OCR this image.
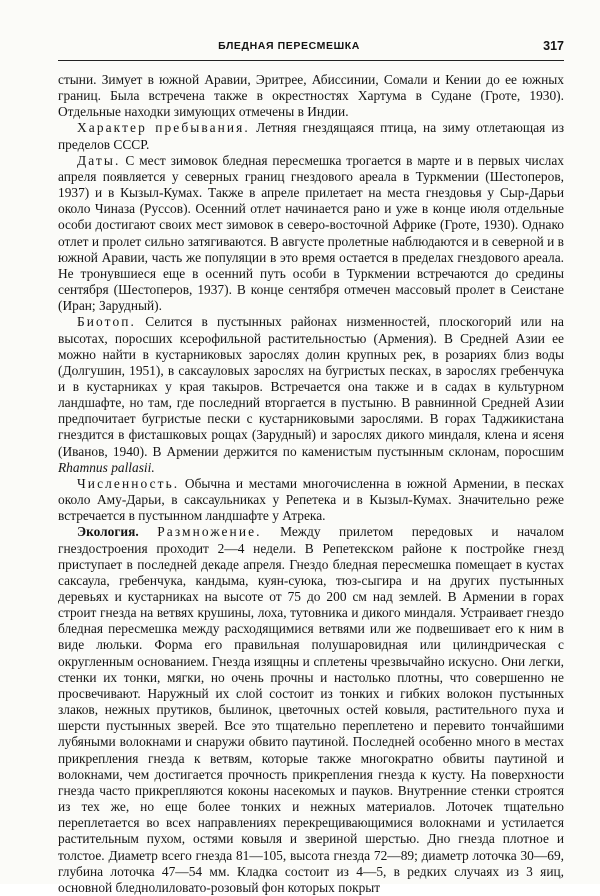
БЛЕДНАЯ ПЕРЕСМЕШКА	317

стыни. Зимует в южной Аравии, Эритрее, Абиссинии, Сомали и Кении до ее южных границ. Была встречена также в окрестностях Хартума в Судане (Гроте, 1930). Отдельные находки зимующих отмечены в Индии.

Характер пребывания. Летняя гнездящаяся птица, на зиму отлетающая из пределов СССР.

Даты. С мест зимовок бледная пересмешка трогается в марте и в первых числах апреля появляется у северных границ гнездового ареала в Туркмении (Шестоперов, 1937) и в Кызыл-Кумах. Также в апреле прилетает на места гнездовья у Сыр-Дарьи около Чиназа (Руссов). Осенний отлет начинается рано и уже в конце июля отдельные особи достигают своих мест зимовок в северо-восточной Африке (Гроте, 1930). Однако отлет и пролет сильно затягиваются. В августе пролетные наблюдаются и в северной и в южной Аравии, часть же популяции в это время остается в пределах гнездового ареала. Не тронувшиеся еще в осенний путь особи в Туркмении встречаются до средины сентября (Шестоперов, 1937). В конце сентября отмечен массовый пролет в Сеистане (Иран; Зарудный).

Биотоп. Селится в пустынных районах низменностей, плоскогорий или на высотах, поросших ксерофильной растительностью (Армения). В Средней Азии ее можно найти в кустарниковых зарослях долин крупных рек, в розариях близ воды (Долгушин, 1951), в саксауловых зарослях на бугристых песках, в зарослях гребенчука и в кустарниках у края такыров. Встречается она также и в садах в культурном ландшафте, но там, где последний вторгается в пустыню. В равнинной Средней Азии предпочитает бугристые пески с кустарниковыми зарослями. В горах Таджикистана гнездится в фисташковых рощах (Зарудный) и зарослях дикого миндаля, клена и ясеня (Иванов, 1940). В Армении держится по каменистым пустынным склонам, поросшим Rhamnus pallasii.

Численность. Обычна и местами многочисленна в южной Армении, в песках около Аму-Дарьи, в саксаульниках у Репетека и в Кызыл-Кумах. Значительно реже встречается в пустынном ландшафте у Атрека.

Экология. Размножение. Между прилетом передовых и началом гнездостроения проходит 2—4 недели. В Репетекском районе к постройке гнезд приступает в последней декаде апреля. Гнездо бледная пересмешка помещает в кустах саксаула, гребенчука, кандыма, куян-суюка, тюз-сыгира и на других пустынных деревьях и кустарниках на высоте от 75 до 200 см над землей. В Армении в горах строит гнезда на ветвях крушины, лоха, тутовника и дикого миндаля. Устраивает гнездо бледная пересмешка между расходящимися ветвями или же подвешивает его к ним в виде люльки. Форма его правильная полушаровидная или цилиндрическая с округленным основанием. Гнезда изящны и сплетены чрезвычайно искусно. Они легки, стенки их тонки, мягки, но очень прочны и настолько плотны, что совершенно не просвечивают. Наружный их слой состоит из тонких и гибких волокон пустынных злаков, нежных прутиков, былинок, цветочных остей ковыля, растительного пуха и шерсти пустынных зверей. Все это тщательно переплетено и перевито тончайшими лубяными волокнами и снаружи обвито паутиной. Последней особенно много в местах прикрепления гнезда к ветвям, которые также многократно обвиты паутиной и волокнами, чем достигается прочность прикрепления гнезда к кусту. На поверхности гнезда часто прикрепляются коконы насекомых и пауков. Внутренние стенки строятся из тех же, но еще более тонких и нежных материалов. Лоточек тщательно переплетается во всех направлениях перекрещивающимися волокнами и устилается растительным пухом, остями ковыля и звериной шерстью. Дно гнезда плотное и толстое. Диаметр всего гнезда 81—105, высота гнезда 72—89; диаметр лоточка 30—69, глубина лоточка 47—54 мм. Кладка состоит из 4—5, в редких случаях из 3 яиц, основной бледнолиловато-розовый фон которых покрыт
